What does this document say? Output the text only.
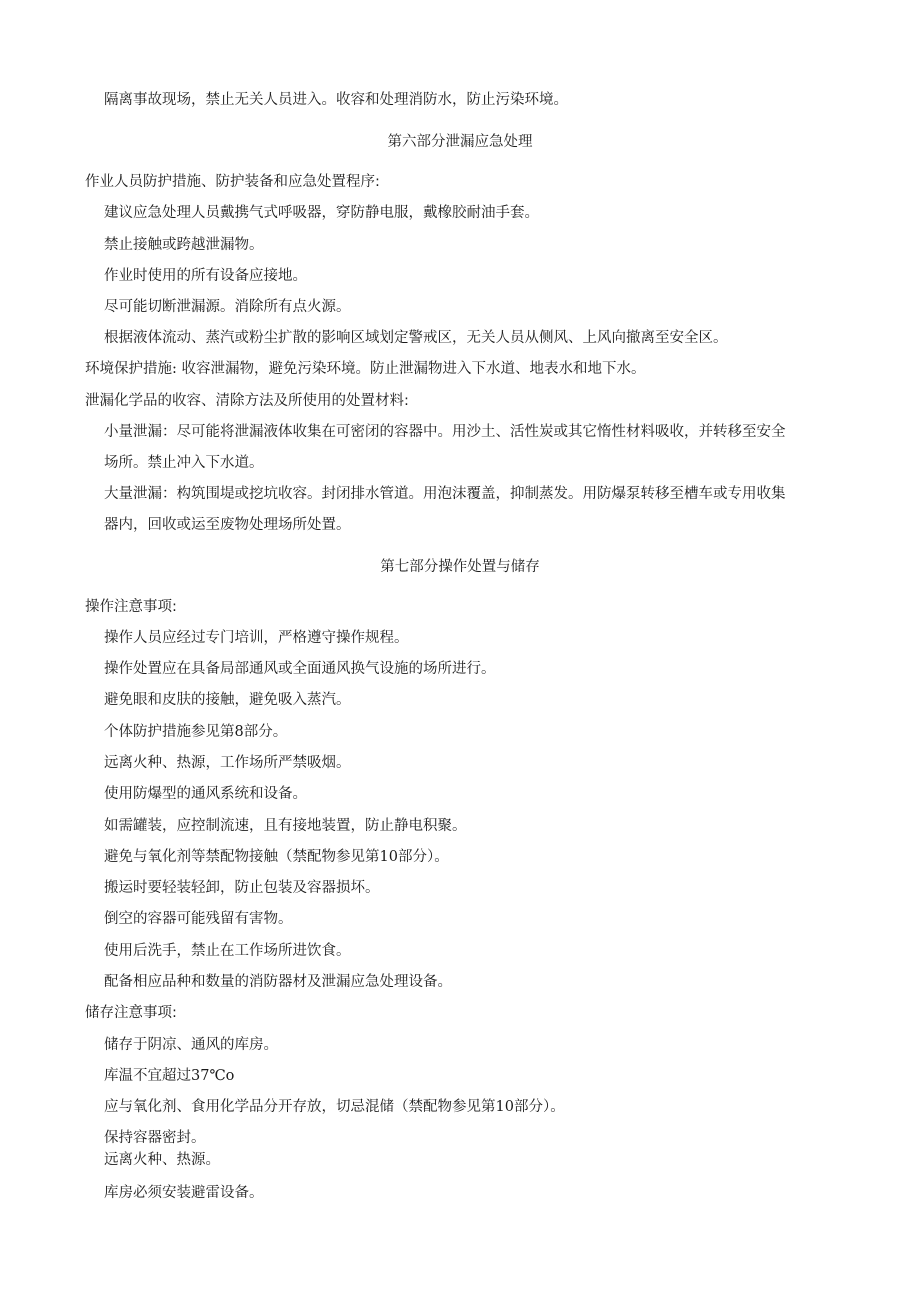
隔离事故现场，禁止无关人员进入。收容和处理消防水，防止污染环境。
第六部分泄漏应急处理
作业人员防护措施、防护装备和应急处置程序:
建议应急处理人员戴携气式呼吸器，穿防静电服，戴橡胶耐油手套。
禁止接触或跨越泄漏物。
作业时使用的所有设备应接地。
尽可能切断泄漏源。消除所有点火源。
根据液体流动、蒸汽或粉尘扩散的影响区域划定警戒区，无关人员从侧风、上风向撤离至安全区。
环境保护措施: 收容泄漏物，避免污染环境。防止泄漏物进入下水道、地表水和地下水。
泄漏化学品的收容、清除方法及所使用的处置材料:
小量泄漏：尽可能将泄漏液体收集在可密闭的容器中。用沙土、活性炭或其它惰性材料吸收，并转移至安全
场所。禁止冲入下水道。
大量泄漏：构筑围堤或挖坑收容。封闭排水管道。用泡沫覆盖，抑制蒸发。用防爆泵转移至槽车或专用收集
器内，回收或运至废物处理场所处置。
第七部分操作处置与储存
操作注意事项:
操作人员应经过专门培训，严格遵守操作规程。
操作处置应在具备局部通风或全面通风换气设施的场所进行。
避免眼和皮肤的接触，避免吸入蒸汽。
个体防护措施参见第8部分。
远离火种、热源，工作场所严禁吸烟。
使用防爆型的通风系统和设备。
如需罐装，应控制流速，且有接地装置，防止静电积聚。
避免与氧化剂等禁配物接触（禁配物参见第10部分）。
搬运时要轻装轻卸，防止包装及容器损坏。
倒空的容器可能残留有害物。
使用后洗手，禁止在工作场所进饮食。
配备相应品种和数量的消防器材及泄漏应急处理设备。
储存注意事项:
储存于阴凉、通风的库房。
库温不宜超过37℃o
应与氧化剂、食用化学品分开存放，切忌混储（禁配物参见第10部分）。
保持容器密封。
远离火种、热源。
库房必须安装避雷设备。
